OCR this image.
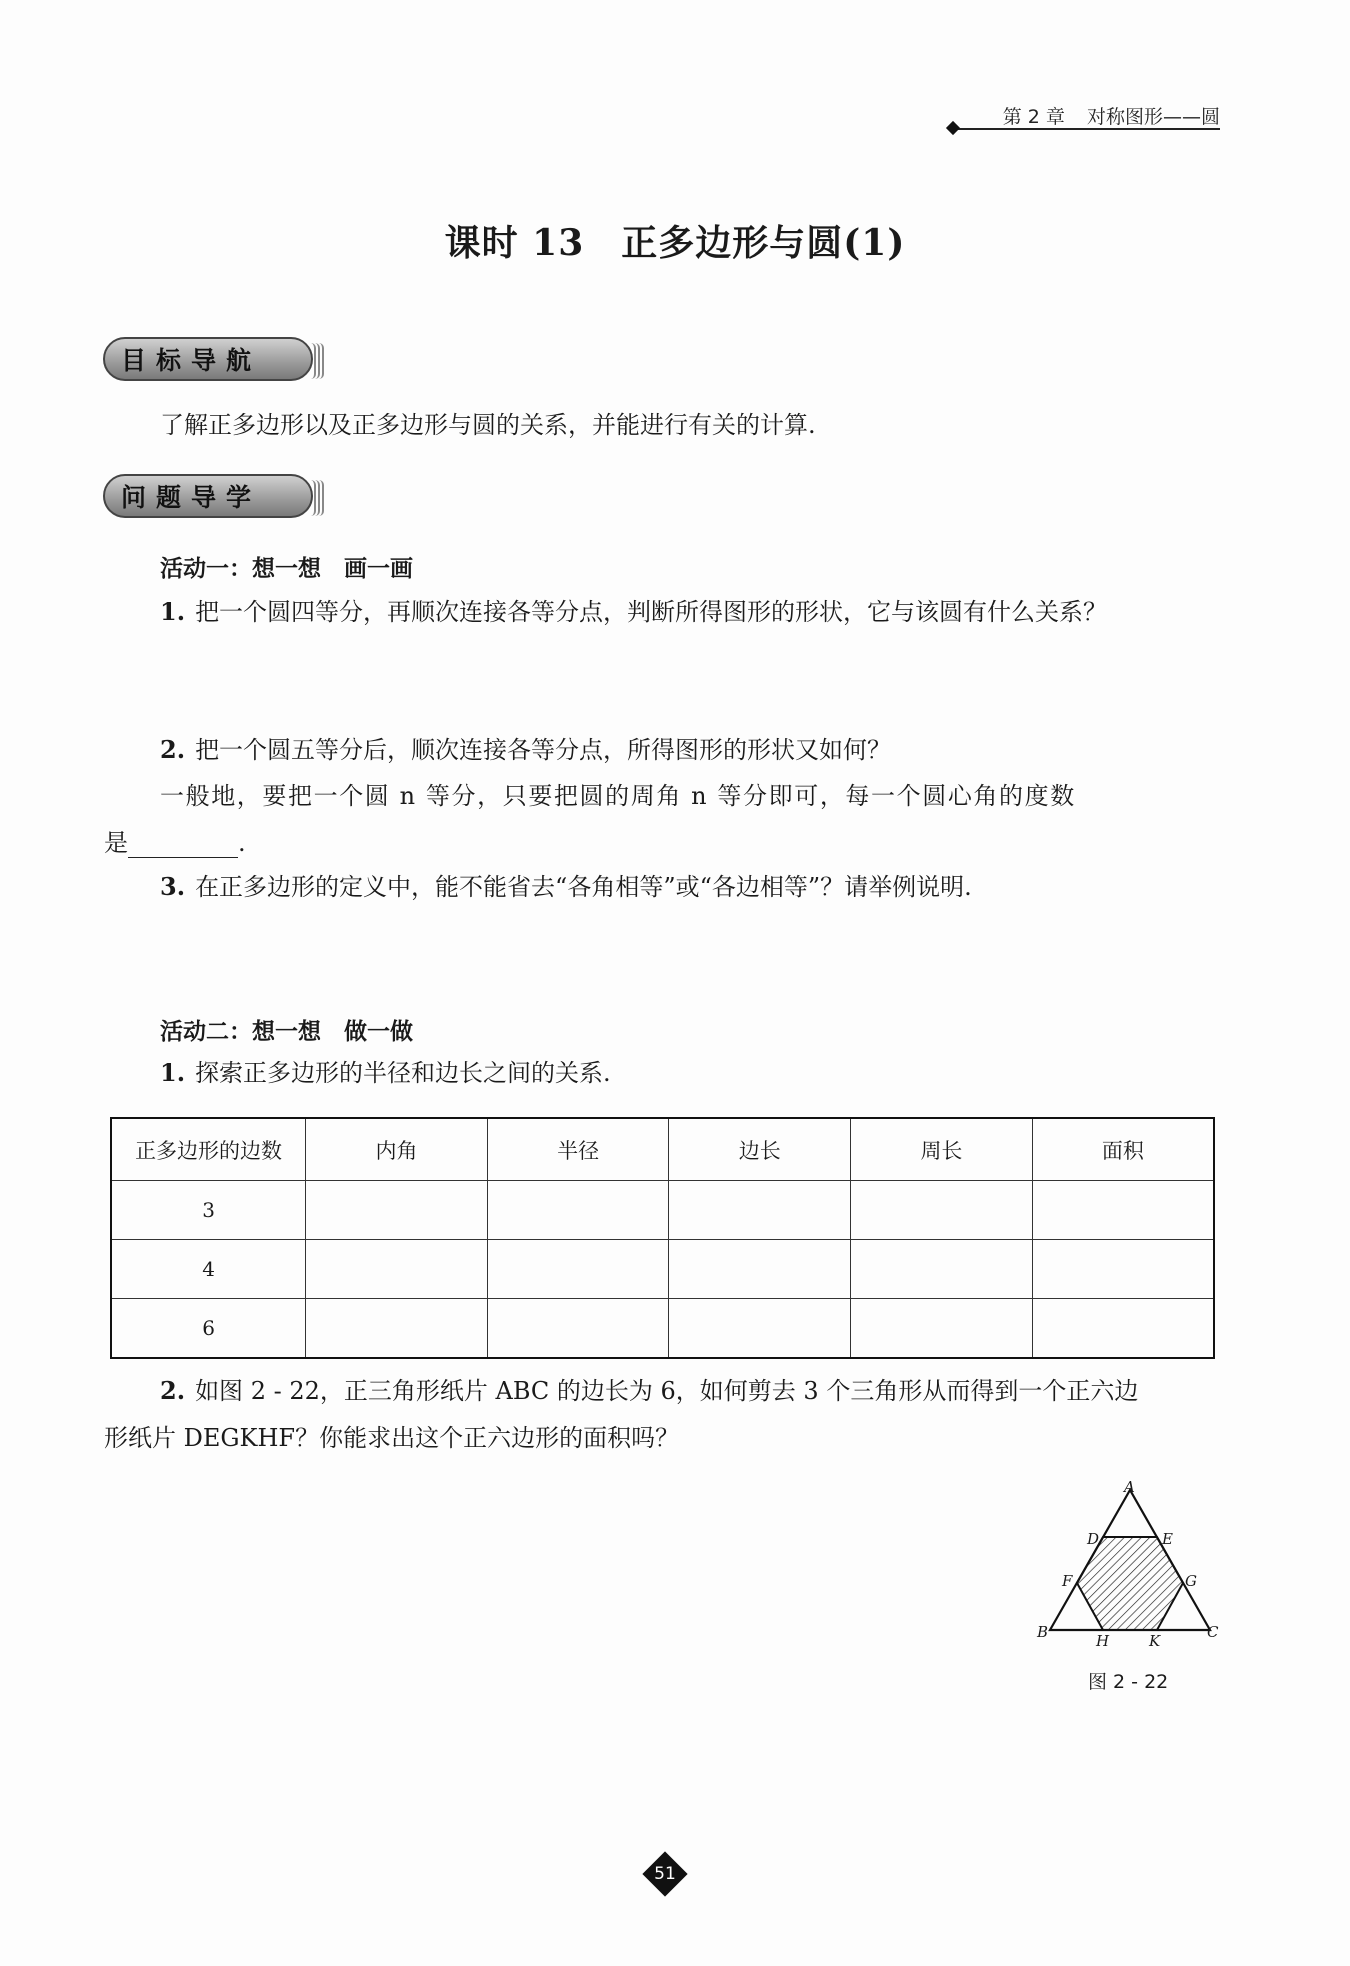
第 2 章 对称图形——圆
课时 13　正多边形与圆(1)
目标导航
了解正多边形以及正多边形与圆的关系，并能进行有关的计算.
问题导学
活动一：想一想　画一画
1. 把一个圆四等分，再顺次连接各等分点，判断所得图形的形状，它与该圆有什么关系？
2. 把一个圆五等分后，顺次连接各等分点，所得图形的形状又如何？
一般地，要把一个圆 n 等分，只要把圆的周角 n 等分即可，每一个圆心角的度数
是	.
3. 在正多边形的定义中，能不能省去“各角相等”或“各边相等”？请举例说明.
活动二：想一想　做一做
1. 探索正多边形的半径和边长之间的关系.
正多边形的边数	内角	半径	边长	周长	面积
3					
4					
6					
2. 如图 2 - 22，正三角形纸片 ABC 的边长为 6，如何剪去 3 个三角形从而得到一个正六边
形纸片 DEGKHF？你能求出这个正六边形的面积吗？
A
D	E
F	G
B	C
H	K
图 2 - 22
51
